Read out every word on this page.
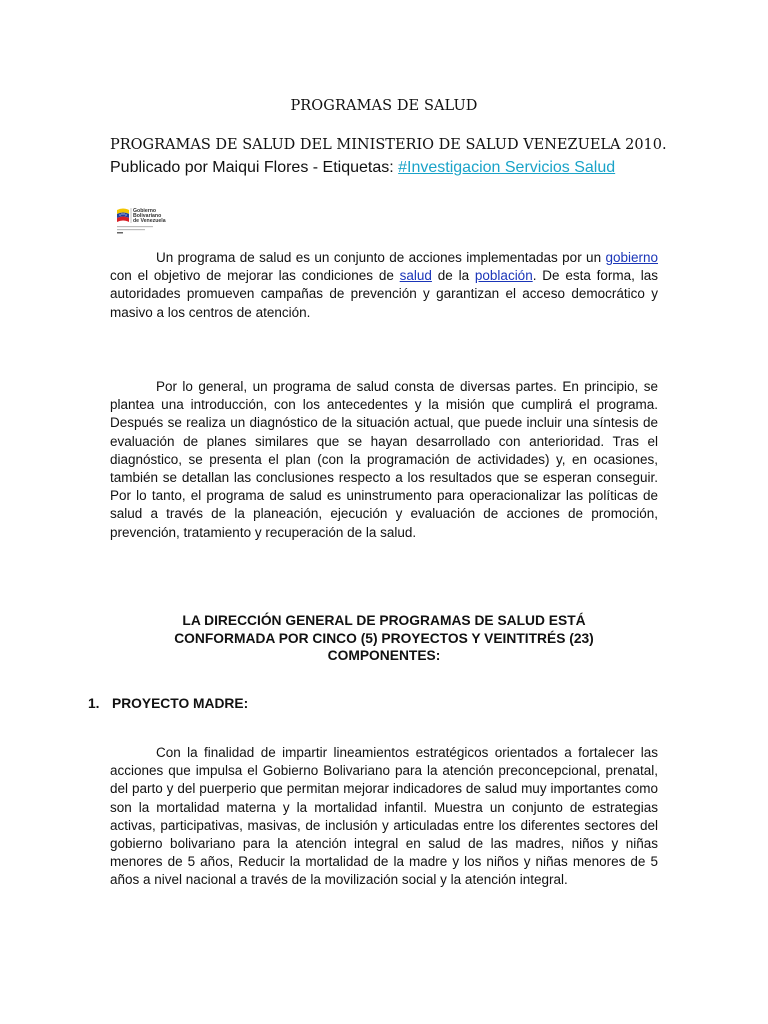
PROGRAMAS DE SALUD
PROGRAMAS DE SALUD DEL MINISTERIO DE SALUD VENEZUELA 2010.
Publicado por Maiqui Flores - Etiquetas: #Investigacion Servicios Salud
Gobierno
Bolivariano
de Venezuela

Un programa de salud es un conjunto de acciones implementadas por un gobierno con el objetivo de mejorar las condiciones de salud de la población. De esta forma, las autoridades promueven campañas de prevención y garantizan el acceso democrático y masivo a los centros de atención.

Por lo general, un programa de salud consta de diversas partes. En principio, se plantea una introducción, con los antecedentes y la misión que cumplirá el programa. Después se realiza un diagnóstico de la situación actual, que puede incluir una síntesis de evaluación de planes similares que se hayan desarrollado con anterioridad. Tras el diagnóstico, se presenta el plan (con la programación de actividades) y, en ocasiones, también se detallan las conclusiones respecto a los resultados que se esperan conseguir. Por lo tanto, el programa de salud es uninstrumento para operacionalizar las políticas de salud a través de la planeación, ejecución y evaluación de acciones de promoción, prevención, tratamiento y recuperación de la salud.

LA DIRECCIÓN GENERAL DE PROGRAMAS DE SALUD ESTÁ
CONFORMADA POR CINCO (5) PROYECTOS Y VEINTITRÉS (23)
COMPONENTES:
1. PROYECTO MADRE:

Con la finalidad de impartir lineamientos estratégicos orientados a fortalecer las acciones que impulsa el Gobierno Bolivariano para la atención preconcepcional, prenatal, del parto y del puerperio que permitan mejorar indicadores de salud muy importantes como son la mortalidad materna y la mortalidad infantil. Muestra un conjunto de estrategias activas, participativas, masivas, de inclusión y articuladas entre los diferentes sectores del gobierno bolivariano para la atención integral en salud de las madres, niños y niñas menores de 5 años, Reducir la mortalidad de la madre y los niños y niñas menores de 5 años a nivel nacional a través de la movilización social y la atención integral.
